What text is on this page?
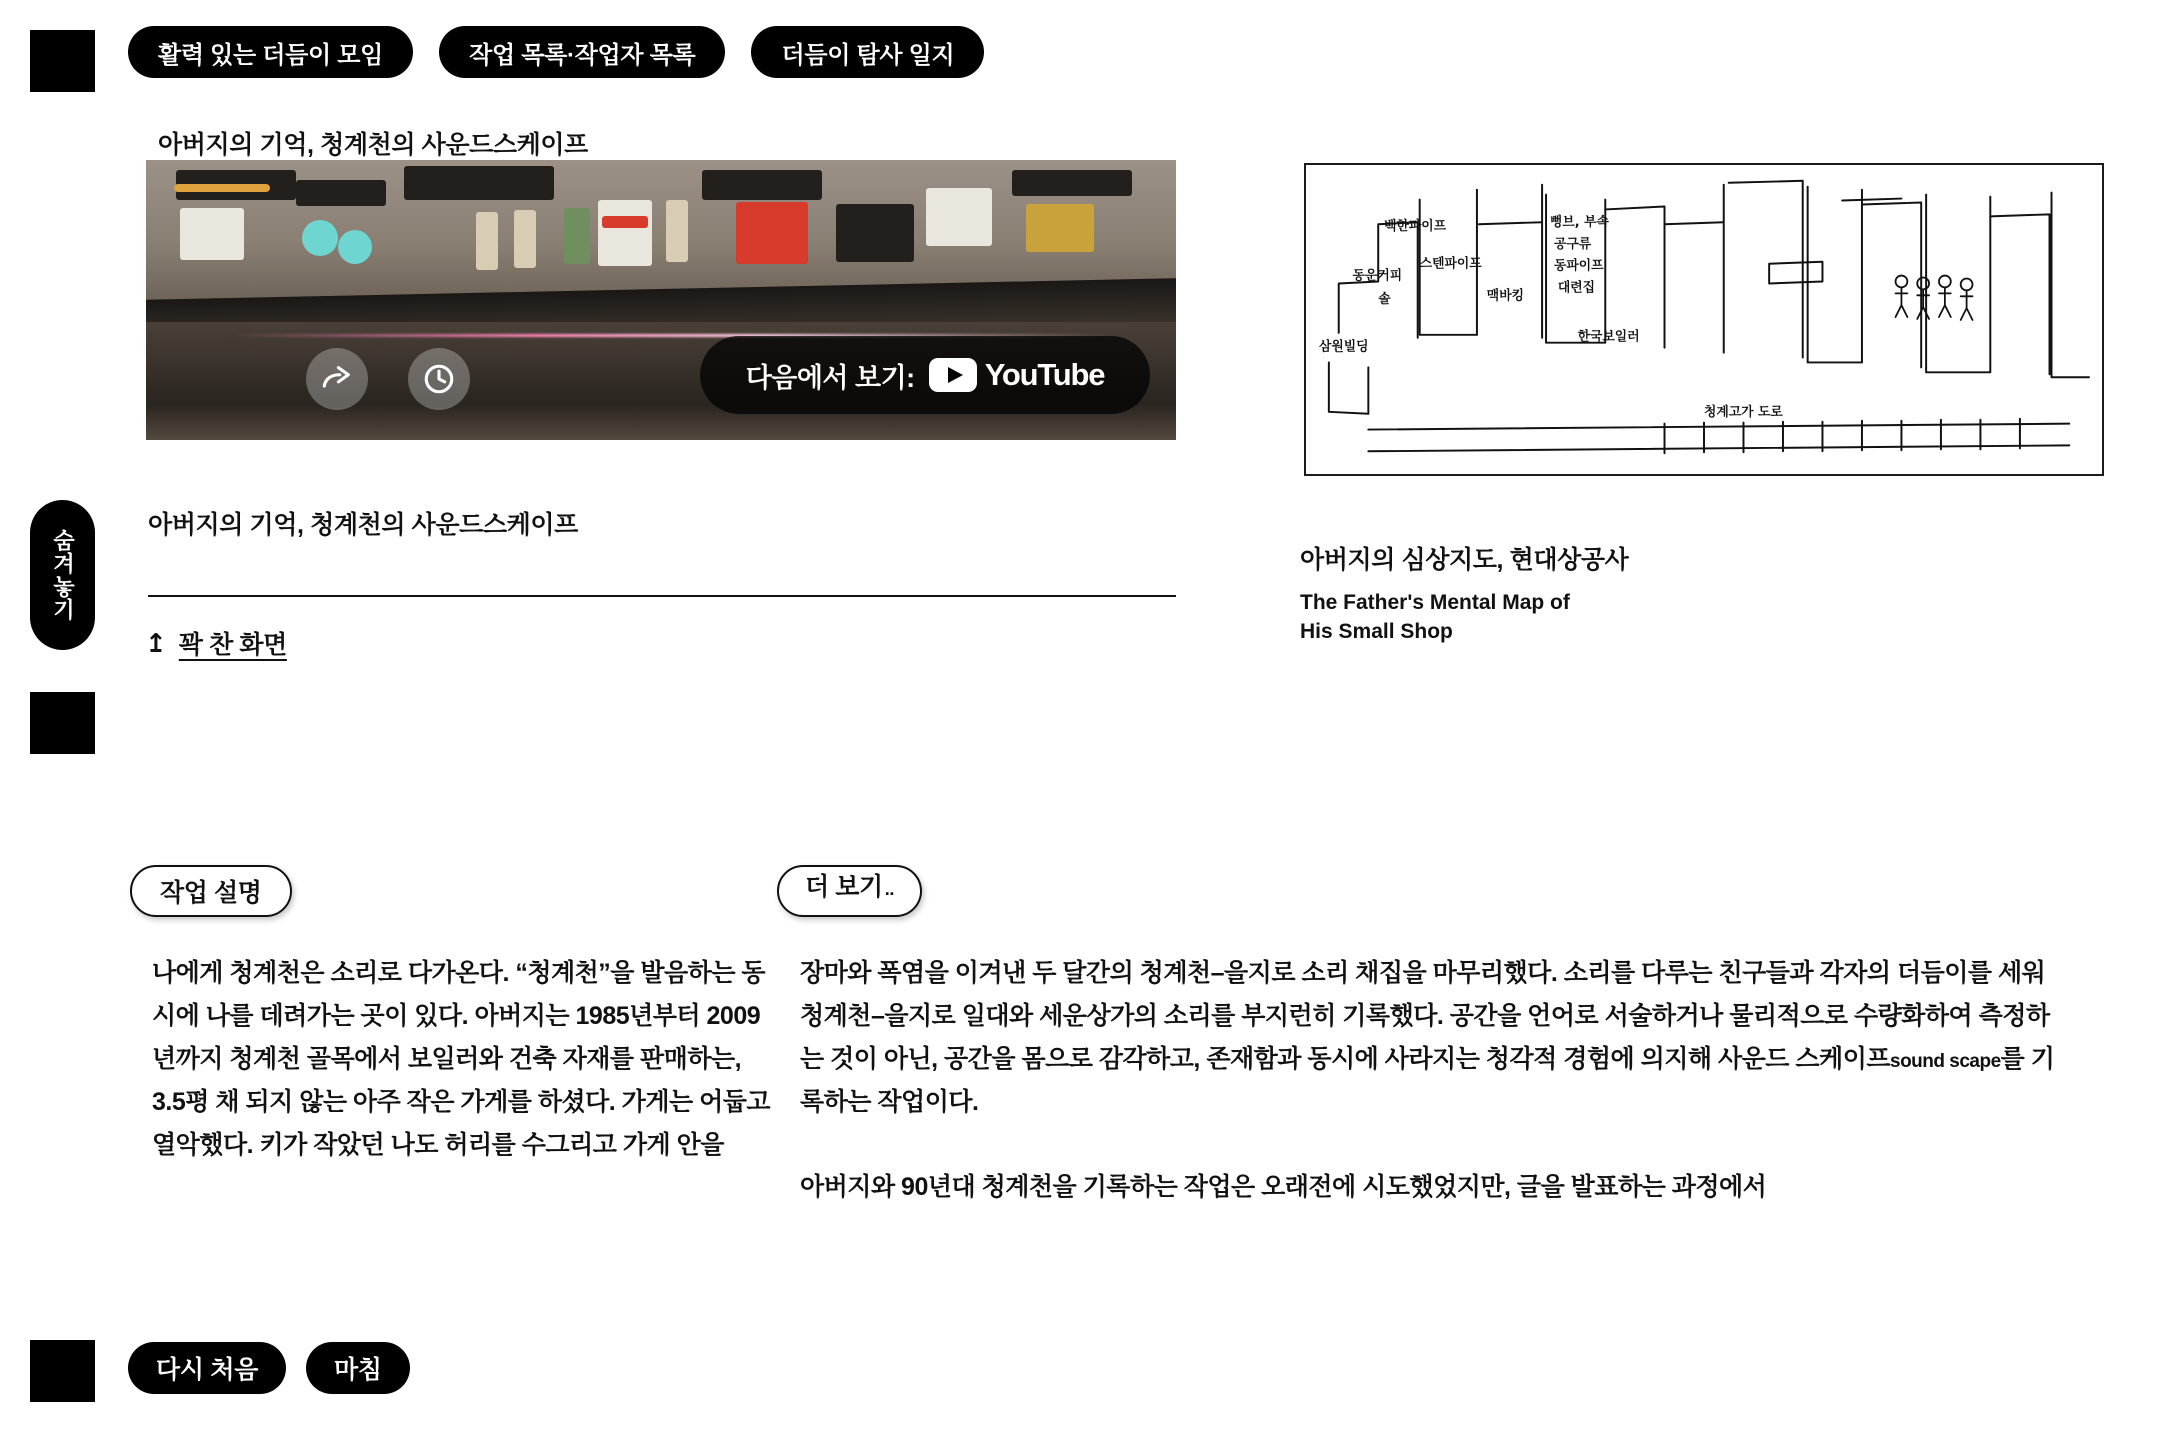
활력 있는 더듬이 모임	작업 목록·작업자 목록	더듬이 탐사 일지
아버지의 기억, 청계천의 사운드스케이프
숨겨놓기
다음에서 보기: YouTube
아버지의 기억, 청계천의 사운드스케이프
↥ 꽉 찬 화면
백한파이프
동운커피
솔
스텐파이프
뻥브, 부속
공구류
동파이프
대련집
맥바킹
한국보일러
삼원빌딩
청계고가 도로
아버지의 심상지도, 현대상공사
The Father's Mental Map of
His Small Shop
작업 설명	더 보기 ..
나에게 청계천은 소리로 다가온다. “청계천”을 발음하는 동시에 나를 데려가는 곳이 있다. 아버지는 1985년부터 2009년까지 청계천 골목에서 보일러와 건축 자재를 판매하는, 3.5평 채 되지 않는 아주 작은 가게를 하셨다. 가게는 어둡고 열악했다. 키가 작았던 나도 허리를 수그리고 가게 안을

장마와 폭염을 이겨낸 두 달간의 청계천–을지로 소리 채집을 마무리했다. 소리를 다루는 친구들과 각자의 더듬이를 세워 청계천–을지로 일대와 세운상가의 소리를 부지런히 기록했다. 공간을 언어로 서술하거나 물리적으로 수량화하여 측정하는 것이 아닌, 공간을 몸으로 감각하고, 존재함과 동시에 사라지는 청각적 경험에 의지해 사운드 스케이프sound scape를 기록하는 작업이다.

아버지와 90년대 청계천을 기록하는 작업은 오래전에 시도했었지만, 글을 발표하는 과정에서

다시 처음	마침
